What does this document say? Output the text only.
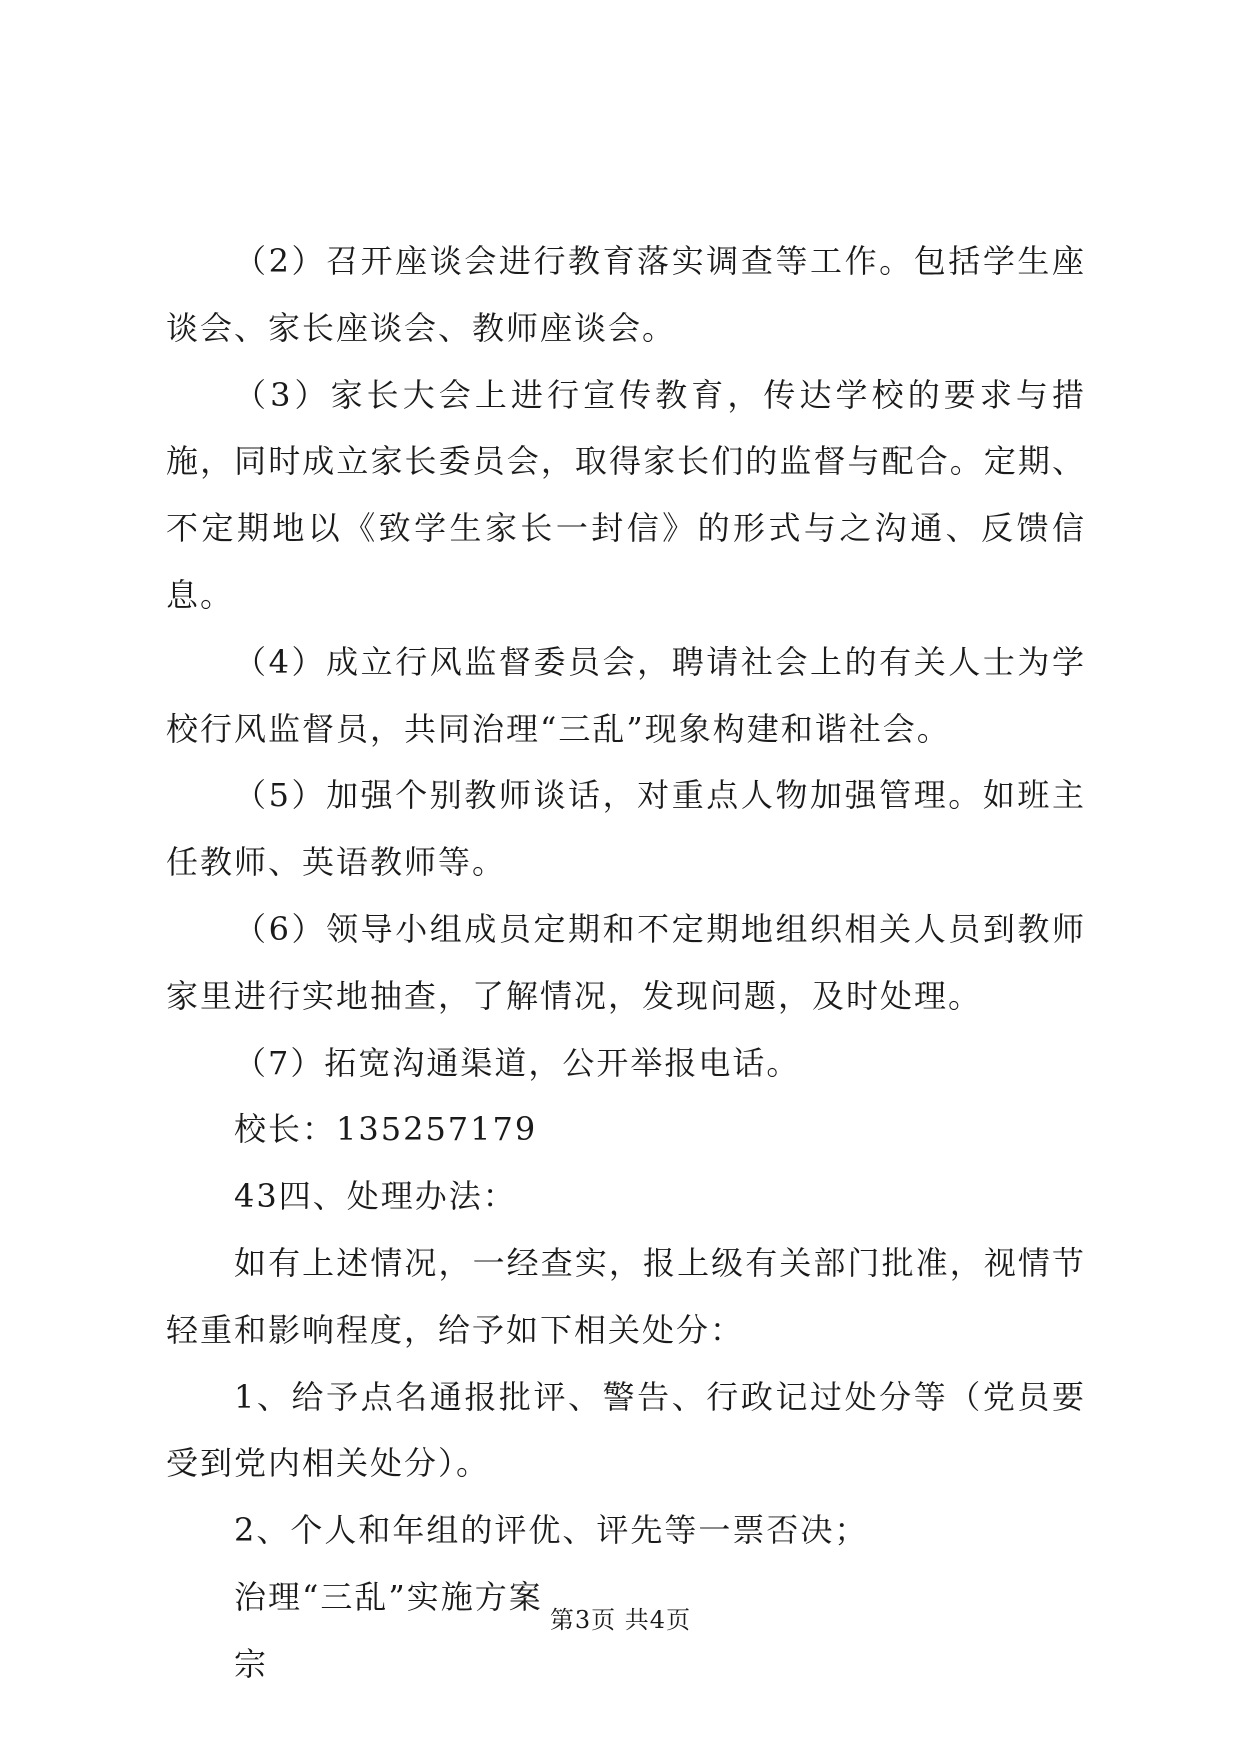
（2）召开座谈会进行教育落实调查等工作。包括学生座谈会、家长座谈会、教师座谈会。

（3）家长大会上进行宣传教育，传达学校的要求与措施，同时成立家长委员会，取得家长们的监督与配合。定期、不定期地以《致学生家长一封信》的形式与之沟通、反馈信息。

（4）成立行风监督委员会，聘请社会上的有关人士为学校行风监督员，共同治理“三乱”现象构建和谐社会。

（5）加强个别教师谈话，对重点人物加强管理。如班主任教师、英语教师等。

（6）领导小组成员定期和不定期地组织相关人员到教师家里进行实地抽查，了解情况，发现问题，及时处理。

（7）拓宽沟通渠道，公开举报电话。

校长：135257179

43四、处理办法：

如有上述情况，一经查实，报上级有关部门批准，视情节轻重和影响程度，给予如下相关处分：

1、给予点名通报批评、警告、行政记过处分等（党员要受到党内相关处分）。

2、个人和年组的评优、评先等一票否决；

治理“三乱”实施方案

宗

第3页 共4页
